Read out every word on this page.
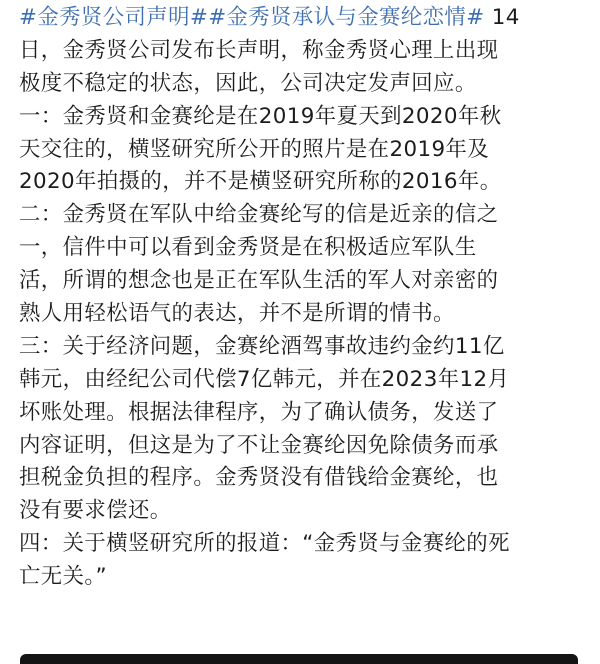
#金秀贤公司声明##金秀贤承认与金赛纶恋情# 14
日，金秀贤公司发布长声明，称金秀贤心理上出现
极度不稳定的状态，因此，公司决定发声回应。
一：金秀贤和金赛纶是在2019年夏天到2020年秋
天交往的，横竖研究所公开的照片是在2019年及
2020年拍摄的，并不是横竖研究所称的2016年。
二：金秀贤在军队中给金赛纶写的信是近亲的信之
一，信件中可以看到金秀贤是在积极适应军队生
活，所谓的想念也是正在军队生活的军人对亲密的
熟人用轻松语气的表达，并不是所谓的情书。
三：关于经济问题，金赛纶酒驾事故违约金约11亿
韩元，由经纪公司代偿7亿韩元，并在2023年12月
坏账处理。根据法律程序，为了确认债务，发送了
内容证明，但这是为了不让金赛纶因免除债务而承
担税金负担的程序。金秀贤没有借钱给金赛纶，也
没有要求偿还。
四：关于横竖研究所的报道：“金秀贤与金赛纶的死
亡无关。”
